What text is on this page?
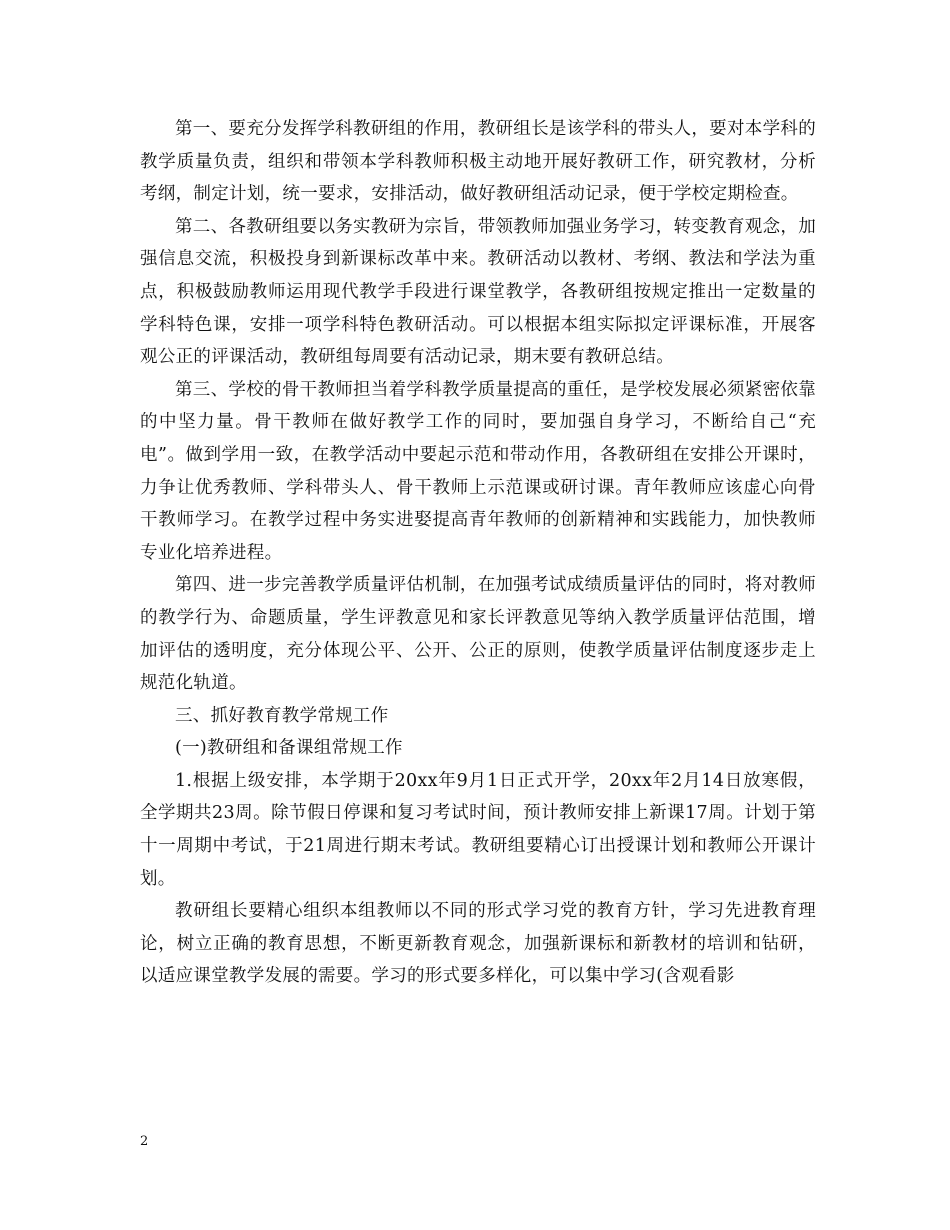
第一、要充分发挥学科教研组的作用，教研组长是该学科的带头人，要对本学科的教学质量负责，组织和带领本学科教师积极主动地开展好教研工作，研究教材，分析考纲，制定计划，统一要求，安排活动，做好教研组活动记录，便于学校定期检查。

第二、各教研组要以务实教研为宗旨，带领教师加强业务学习，转变教育观念，加强信息交流，积极投身到新课标改革中来。教研活动以教材、考纲、教法和学法为重点，积极鼓励教师运用现代教学手段进行课堂教学，各教研组按规定推出一定数量的学科特色课，安排一项学科特色教研活动。可以根据本组实际拟定评课标准，开展客观公正的评课活动，教研组每周要有活动记录，期末要有教研总结。

第三、学校的骨干教师担当着学科教学质量提高的重任，是学校发展必须紧密依靠的中坚力量。骨干教师在做好教学工作的同时，要加强自身学习，不断给自己“充电”。做到学用一致，在教学活动中要起示范和带动作用，各教研组在安排公开课时，力争让优秀教师、学科带头人、骨干教师上示范课或研讨课。青年教师应该虚心向骨干教师学习。在教学过程中务实进娶提高青年教师的创新精神和实践能力，加快教师专业化培养进程。

第四、进一步完善教学质量评估机制，在加强考试成绩质量评估的同时，将对教师的教学行为、命题质量，学生评教意见和家长评教意见等纳入教学质量评估范围，增加评估的透明度，充分体现公平、公开、公正的原则，使教学质量评估制度逐步走上规范化轨道。

三、抓好教育教学常规工作

(一)教研组和备课组常规工作

1.根据上级安排，本学期于20xx年9月1日正式开学，20xx年2月14日放寒假，全学期共23周。除节假日停课和复习考试时间，预计教师安排上新课17周。计划于第十一周期中考试，于21周进行期末考试。教研组要精心订出授课计划和教师公开课计划。

教研组长要精心组织本组教师以不同的形式学习党的教育方针，学习先进教育理论，树立正确的教育思想，不断更新教育观念，加强新课标和新教材的培训和钻研，以适应课堂教学发展的需要。学习的形式要多样化，可以集中学习(含观看影

2
